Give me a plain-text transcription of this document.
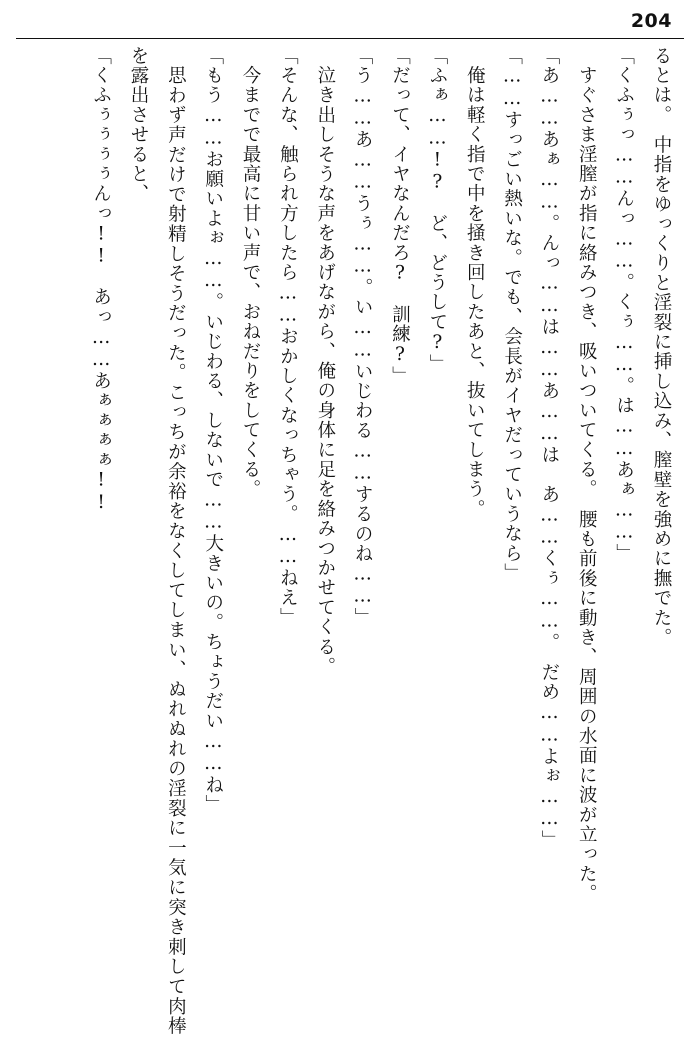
204

るとは。　中指をゆっくりと淫裂に挿し込み、膣壁を強めに撫でた。

「くふぅっ……んっ……。くぅ……。は……あぁ……」

　すぐさま淫膣が指に絡みつき、吸いついてくる。　腰も前後に動き、周囲の水面に波が立った。

「あ……あぁ……。んっ……は……あ……は　あ……くぅ……。　だめ……よぉ……」

「……すっごい熱いな。でも、会長がイヤだっていうなら」

　俺は軽く指で中を掻き回したあと、抜いてしまう。

「ふぁ……!?　ど、どうして?」

「だって、イヤなんだろ?　訓練?」

「う……あ……うぅ……。い……いじわる……するのね……」

　泣き出しそうな声をあげながら、俺の身体に足を絡みつかせてくる。

「そんな、触られ方したら……おかしくなっちゃう。……ねえ」

　今までで最高に甘い声で、おねだりをしてくる。

「もう……お願いよぉ……。いじわる、しないで……大きいの。ちょうだい……ね」

　思わず声だけで射精しそうだった。こっちが余裕をなくしてしまい、ぬれぬれの淫裂に一気に突き刺して肉棒を露出させると、

「くふぅぅぅぅんっ!!　あっ……あぁぁぁぁ!!
